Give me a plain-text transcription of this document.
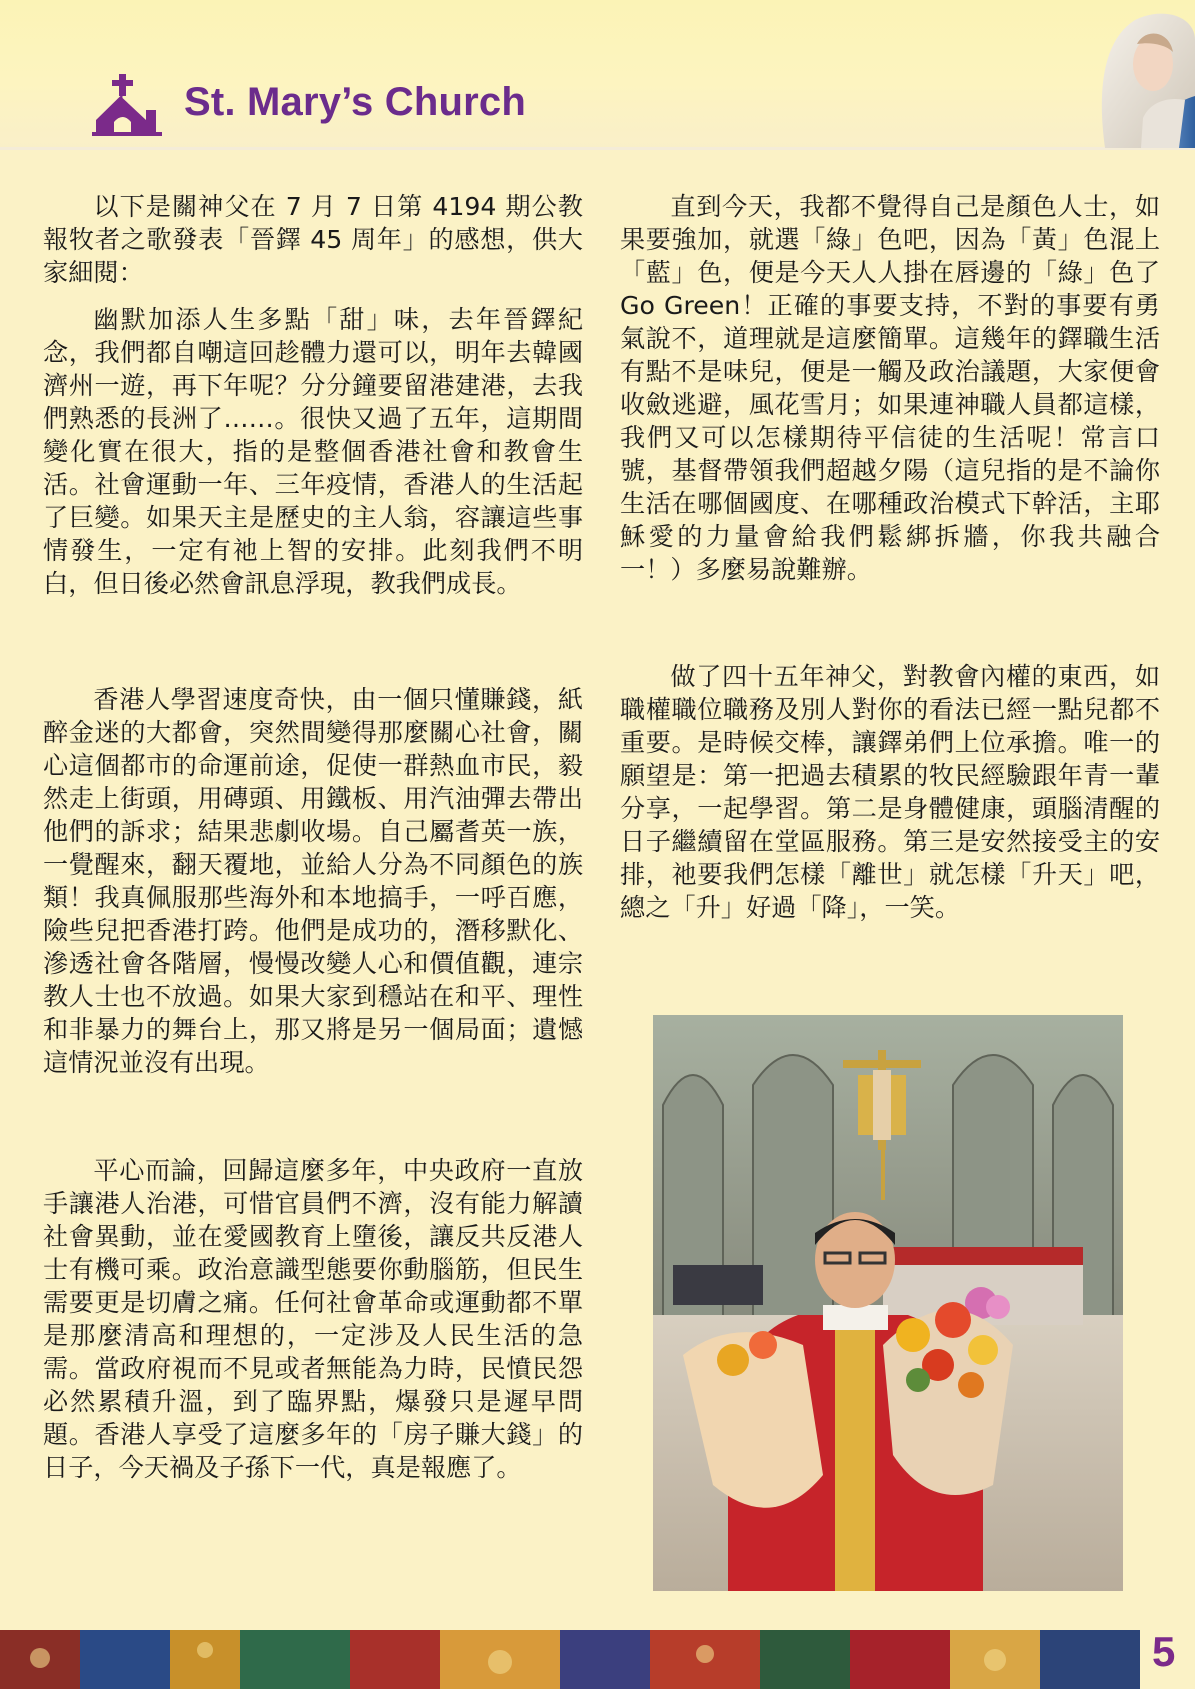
St. Mary’s Church

以下是關神父在 7 月 7 日第 4194 期公教報牧者之歌發表「晉鐸 45 周年」的感想，供大家細閱：

幽默加添人生多點「甜」味，去年晉鐸紀念，我們都自嘲這回趁體力還可以，明年去韓國濟州一遊，再下年呢？分分鐘要留港建港，去我們熟悉的長洲了……。很快又過了五年，這期間變化實在很大，指的是整個香港社會和教會生活。社會運動一年、三年疫情，香港人的生活起了巨變。如果天主是歷史的主人翁，容讓這些事情發生，一定有祂上智的安排。此刻我們不明白，但日後必然會訊息浮現，教我們成長。

香港人學習速度奇快，由一個只懂賺錢，紙醉金迷的大都會，突然間變得那麼關心社會，關心這個都市的命運前途，促使一群熱血市民，毅然走上街頭，用磚頭、用鐵板、用汽油彈去帶出他們的訴求；結果悲劇收場。自己屬耆英一族，一覺醒來，翻天覆地，並給人分為不同顏色的族類！我真佩服那些海外和本地搞手，一呼百應，險些兒把香港打跨。他們是成功的，潛移默化、滲透社會各階層，慢慢改變人心和價值觀，連宗教人士也不放過。如果大家到穩站在和平、理性和非暴力的舞台上，那又將是另一個局面；遺憾這情況並沒有出現。

平心而論，回歸這麼多年，中央政府一直放手讓港人治港，可惜官員們不濟，沒有能力解讀社會異動，並在愛國教育上墮後，讓反共反港人士有機可乘。政治意識型態要你動腦筋，但民生需要更是切膚之痛。任何社會革命或運動都不單是那麼清高和理想的，一定涉及人民生活的急需。當政府視而不見或者無能為力時，民憤民怨必然累積升溫，到了臨界點，爆發只是遲早問題。香港人享受了這麼多年的「房子賺大錢」的日子，今天禍及子孫下一代，真是報應了。

直到今天，我都不覺得自己是顏色人士，如果要強加，就選「綠」色吧，因為「黃」色混上「藍」色，便是今天人人掛在唇邊的「綠」色了 Go Green！正確的事要支持，不對的事要有勇氣說不，道理就是這麼簡單。這幾年的鐸職生活有點不是味兒，便是一觸及政治議題，大家便會收斂逃避，風花雪月；如果連神職人員都這樣，我們又可以怎樣期待平信徒的生活呢！常言口號，基督帶領我們超越夕陽（這兒指的是不論你生活在哪個國度、在哪種政治模式下幹活，主耶穌愛的力量會給我們鬆綁拆牆，你我共融合一！）多麼易說難辦。

做了四十五年神父，對教會內權的東西，如職權職位職務及別人對你的看法已經一點兒都不重要。是時候交棒，讓鐸弟們上位承擔。唯一的願望是：第一把過去積累的牧民經驗跟年青一輩分享，一起學習。第二是身體健康，頭腦清醒的日子繼續留在堂區服務。第三是安然接受主的安排，祂要我們怎樣「離世」就怎樣「升天」吧，總之「升」好過「降」，一笑。

5
